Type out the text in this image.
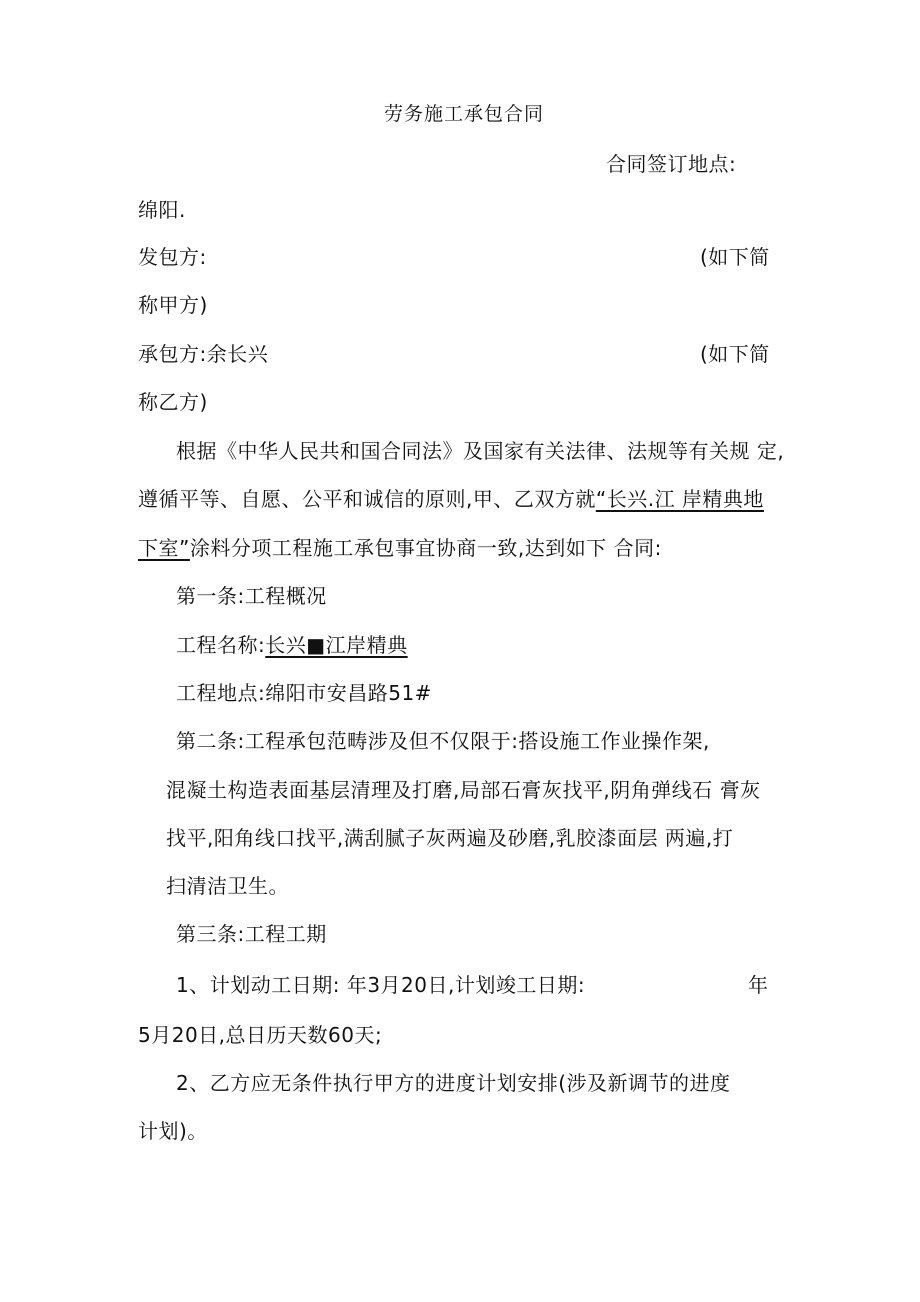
劳务施工承包合同
合同签订地点:
绵阳.
发包方:	(如下简
称甲方)
承包方:余长兴	(如下简
称乙方)
根据《中华人民共和国合同法》及国家有关法律、法规等有关规 定,
遵循平等、自愿、公平和诚信的原则,甲、乙双方就“长兴.江 岸精典地
下室”涂料分项工程施工承包事宜协商一致,达到如下 合同:
第一条:工程概况
工程名称:长兴■江岸精典
工程地点:绵阳市安昌路51#
第二条:工程承包范畴涉及但不仅限于:搭设施工作业操作架,
混凝土构造表面基层清理及打磨,局部石膏灰找平,阴角弹线石 膏灰
找平,阳角线口找平,满刮腻子灰两遍及砂磨,乳胶漆面层 两遍,打
扫清洁卫生。
第三条:工程工期
1、计划动工日期: 年3月20日,计划竣工日期:	年
5月20日,总日历天数60天;
2、乙方应无条件执行甲方的进度计划安排(涉及新调节的进度
计划)。
